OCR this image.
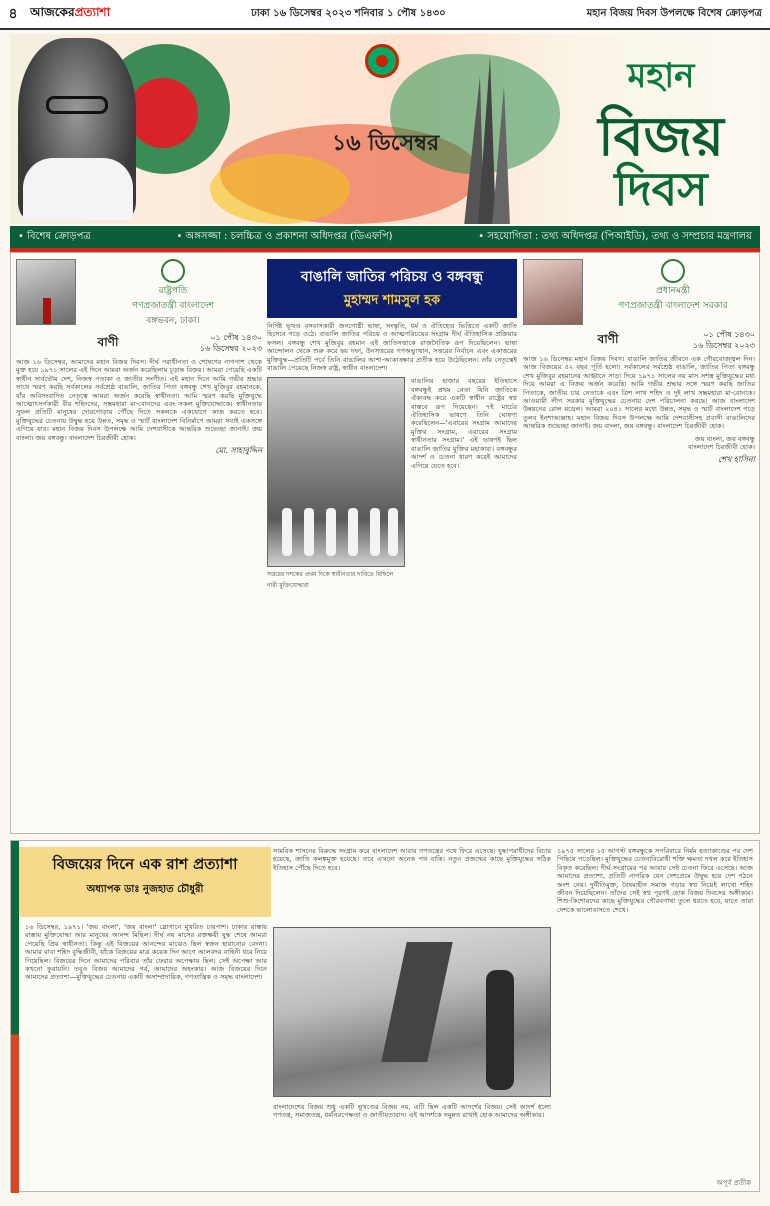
৪	আজকেরপ্রত্যাশা	ঢাকা ১৬ ডিসেম্বর ২০২৩ শনিবার ১ পৌষ ১৪৩০	মহান বিজয় দিবস উপলক্ষে বিশেষ ক্রোড়পত্র
১৬ ডিসেম্বর
মহান
বিজয়
দিবস
• বিশেষ ক্রোড়পত্র	• অঙ্গসজ্জা : চলচ্চিত্র ও প্রকাশনা অধিদপ্তর (ডিএফপি)	• সহযোগিতা : তথ্য অধিদপ্তর (পিআইডি), তথ্য ও সম্প্রচার মন্ত্রণালয়
রাষ্ট্রপতি
গণপ্রজাতন্ত্রী বাংলাদেশ
বঙ্গভবন, ঢাকা।
বাণী	০১ পৌষ ১৪৩০
১৬ ডিসেম্বর ২০২৩
আজ ১৬ ডিসেম্বর, আমাদের মহান বিজয় দিবস। দীর্ঘ পরাধীনতা ও শোষণের নাগপাশ থেকে মুক্ত হয়ে ১৯৭১ সালের এই দিনে আমরা অর্জন করেছিলাম চূড়ান্ত বিজয়। আমরা পেয়েছি একটি স্বাধীন সার্বভৌম দেশ, নিজস্ব পতাকা ও জাতীয় সংগীত। এই মহান দিনে আমি গভীর শ্রদ্ধার সাথে স্মরণ করছি সর্বকালের সর্বশ্রেষ্ঠ বাঙালি, জাতির পিতা বঙ্গবন্ধু শেখ মুজিবুর রহমানকে, যাঁর অবিসংবাদিত নেতৃত্বে আমরা অর্জন করেছি স্বাধীনতা। আমি স্মরণ করছি মুক্তিযুদ্ধে আত্মোৎসর্গকারী বীর শহিদদের, সম্ভ্রমহারা মা-বোনদের এবং সকল মুক্তিযোদ্ধাকে। স্বাধীনতার সুফল প্রতিটি মানুষের দোরগোড়ায় পৌঁছে দিতে সকলকে একযোগে কাজ করতে হবে। মুক্তিযুদ্ধের চেতনায় উদ্বুদ্ধ হয়ে উন্নত, সমৃদ্ধ ও স্মার্ট বাংলাদেশ বিনির্মাণে আমরা সবাই একসঙ্গে এগিয়ে যাব। মহান বিজয় দিবস উপলক্ষে আমি দেশবাসীকে আন্তরিক শুভেচ্ছা জানাই। জয় বাংলা। জয় বঙ্গবন্ধু। বাংলাদেশ চিরজীবী হোক।
মো. সাহাবুদ্দিন
বাঙালি জাতির পরিচয় ও বঙ্গবন্ধু
মুহাম্মদ শামসুল হক
নির্দিষ্ট ভূখণ্ড বসবাসকারী জনগোষ্ঠী ভাষা, সংস্কৃতি, ধর্ম ও ঐতিহ্যের ভিত্তিতে একটি জাতি হিসেবে গড়ে ওঠে। বাঙালি জাতির পরিচয় ও আত্মপরিচয়ের সংগ্রাম দীর্ঘ ঐতিহাসিক প্রক্রিয়ার ফসল। বঙ্গবন্ধু শেখ মুজিবুর রহমান এই জাতিসত্তাকে রাজনৈতিক রূপ দিয়েছিলেন। ভাষা আন্দোলন থেকে শুরু করে ছয় দফা, উনসত্তরের গণঅভ্যুত্থান, সত্তরের নির্বাচন এবং একাত্তরের মুক্তিযুদ্ধ—প্রতিটি পর্বে তিনি বাঙালির আশা-আকাঙ্ক্ষার প্রতীক হয়ে উঠেছিলেন। তাঁর নেতৃত্বেই বাঙালি পেয়েছে নিজস্ব রাষ্ট্র, স্বাধীন বাংলাদেশ।
সত্তরের দশকের প্রথম দিকে স্বাধীনতার দাবিতে মিছিলে নারী মুক্তিযোদ্ধারা
বাঙালির হাজার বছরের ইতিহাসে বঙ্গবন্ধুই প্রথম নেতা যিনি জাতিকে ঐক্যবদ্ধ করে একটি স্বাধীন রাষ্ট্রের স্বপ্ন বাস্তবে রূপ দিয়েছেন। ৭ই মার্চের ঐতিহাসিক ভাষণে তিনি ঘোষণা করেছিলেন—'এবারের সংগ্রাম আমাদের মুক্তির সংগ্রাম, এবারের সংগ্রাম স্বাধীনতার সংগ্রাম।' এই ভাষণই ছিল বাঙালি জাতির মুক্তির মহাকাব্য। বঙ্গবন্ধুর আদর্শ ও চেতনা ধারণ করেই আমাদের এগিয়ে যেতে হবে।
প্রধানমন্ত্রী
গণপ্রজাতন্ত্রী বাংলাদেশ সরকার
বাণী	০১ পৌষ ১৪৩০
১৬ ডিসেম্বর ২০২৩
আজ ১৬ ডিসেম্বর মহান বিজয় দিবস। বাঙালি জাতির জীবনে এক গৌরবোজ্জ্বল দিন। আজ বিজয়ের ৫২ বছর পূর্তি হলো। সর্বকালের সর্বশ্রেষ্ঠ বাঙালি, জাতির পিতা বঙ্গবন্ধু শেখ মুজিবুর রহমানের আহ্বানে সাড়া দিয়ে ১৯৭১ সালের নয় মাস সশস্ত্র মুক্তিযুদ্ধের মধ্য দিয়ে আমরা এ বিজয় অর্জন করেছি। আমি গভীর শ্রদ্ধার সঙ্গে স্মরণ করছি জাতির পিতাকে, জাতীয় চার নেতাকে এবং ত্রিশ লাখ শহিদ ও দুই লাখ সম্ভ্রমহারা মা-বোনকে। আওয়ামী লীগ সরকার মুক্তিযুদ্ধের চেতনায় দেশ পরিচালনা করছে। আজ বাংলাদেশ উন্নয়নের রোল মডেল। আমরা ২০৪১ সালের মধ্যে উন্নত, সমৃদ্ধ ও স্মার্ট বাংলাদেশ গড়ে তুলব ইনশাআল্লাহ। মহান বিজয় দিবস উপলক্ষে আমি দেশবাসীসহ প্রবাসী বাঙালিদের আন্তরিক শুভেচ্ছা জানাই। জয় বাংলা, জয় বঙ্গবন্ধু। বাংলাদেশ চিরজীবী হোক।
জয় বাংলা, জয় বঙ্গবন্ধু
বাংলাদেশ চিরজীবী হোক।
শেখ হাসিনা
বিজয়ের দিনে এক রাশ প্রত্যাশা
অধ্যাপক ডাঃ নুজহাত চৌধুরী
১৬ ডিসেম্বর, ১৯৭১। 'জয় বাংলা', 'জয় বাংলা' স্লোগানে মুখরিত চারপাশ। ঢাকার রাস্তায় রাস্তায় মুক্তিযোদ্ধা আর মানুষের আনন্দ মিছিল। দীর্ঘ নয় মাসের রক্তক্ষয়ী যুদ্ধ শেষে আমরা পেয়েছি প্রিয় স্বাধীনতা। কিন্তু এই বিজয়ের আনন্দের মাঝেও ছিল স্বজন হারানোর বেদনা। আমার বাবা শহিদ বুদ্ধিজীবী, যাঁকে বিজয়ের মাত্র কয়েক দিন আগে আলবদর বাহিনী ধরে নিয়ে গিয়েছিল। বিজয়ের দিনে আমাদের পরিবার তাঁর ফেরার অপেক্ষায় ছিল। সেই অপেক্ষা আর কখনো ফুরায়নি। তবুও বিজয় আমাদের গর্ব, আমাদের অহংকার। আজ বিজয়ের দিনে আমাদের প্রত্যাশা—মুক্তিযুদ্ধের চেতনায় একটি অসাম্প্রদায়িক, গণতান্ত্রিক ও সমৃদ্ধ বাংলাদেশ।
সামরিক শাসনের বিরুদ্ধে সংগ্রাম করে বাংলাদেশ আবার গণতন্ত্রের পথে ফিরে এসেছে। যুদ্ধাপরাধীদের বিচার হয়েছে, জাতি কলঙ্কমুক্ত হয়েছে। তবে এখনো অনেক পথ বাকি। নতুন প্রজন্মের কাছে মুক্তিযুদ্ধের সঠিক ইতিহাস পৌঁছে দিতে হবে।
বাংলাদেশের বিজয় শুধু একটি ভূখণ্ডের বিজয় নয়, এটি ছিল একটি আদর্শের বিজয়। সেই আদর্শ হলো গণতন্ত্র, সমাজতন্ত্র, ধর্মনিরপেক্ষতা ও জাতীয়তাবাদ। এই আদর্শকে সমুন্নত রাখাই হোক আমাদের অঙ্গীকার।
১৯৭৫ সালের ১৫ আগস্ট বঙ্গবন্ধুকে সপরিবারে নির্মম হত্যাকাণ্ডের পর দেশ পিছিয়ে পড়েছিল। মুক্তিযুদ্ধের চেতনাবিরোধী শক্তি ক্ষমতা দখল করে ইতিহাস বিকৃত করেছিল। দীর্ঘ সংগ্রামের পর আবার সেই চেতনা ফিরে এসেছে। আজ আমাদের প্রত্যাশা, প্রতিটি নাগরিক যেন দেশপ্রেমে উদ্বুদ্ধ হয়ে দেশ গঠনে অংশ নেয়। দুর্নীতিমুক্ত, বৈষম্যহীন সমাজ গড়ার স্বপ্ন নিয়েই লাখো শহিদ জীবন দিয়েছিলেন। তাঁদের সেই স্বপ্ন পূরণই হোক বিজয় দিবসের অঙ্গীকার। শিশু-কিশোরদের কাছে মুক্তিযুদ্ধের গৌরবগাথা তুলে ধরতে হবে, যাতে তারা দেশকে ভালোবাসতে শেখে।
অপূর্ব প্রতীক
